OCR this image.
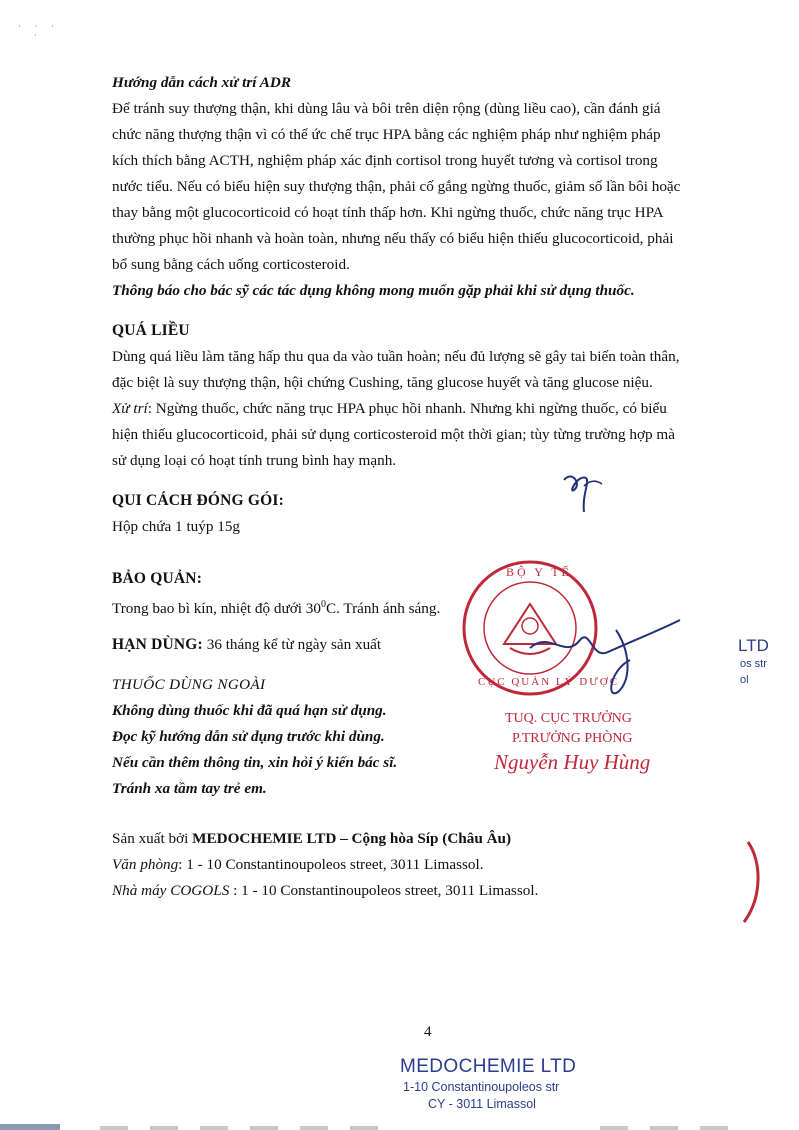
· · ·
·

Hướng dẫn cách xử trí ADR

Để tránh suy thượng thận, khi dùng lâu và bôi trên diện rộng (dùng liều cao), cần đánh giá

chức năng thượng thận vì có thể ức chế trục HPA bằng các nghiệm pháp như nghiệm pháp

kích thích bằng ACTH, nghiệm pháp xác định cortisol trong huyết tương và cortisol trong

nước tiểu. Nếu có biểu hiện suy thượng thận, phải cố gắng ngừng thuốc, giảm số lần bôi hoặc

thay bằng một glucocorticoid có hoạt tính thấp hơn. Khi ngừng thuốc, chức năng trục HPA

thường phục hồi nhanh và hoàn toàn, nhưng nếu thấy có biểu hiện thiếu glucocorticoid, phải

bổ sung bằng cách uống corticosteroid.

Thông báo cho bác sỹ các tác dụng không mong muốn gặp phải khi sử dụng thuốc.

QUÁ LIỀU

Dùng quá liều làm tăng hấp thu qua da vào tuần hoàn; nếu đủ lượng sẽ gây tai biến toàn thân,

đặc biệt là suy thượng thận, hội chứng Cushing, tăng glucose huyết và tăng glucose niệu.

Xử trí: Ngừng thuốc, chức năng trục HPA phục hồi nhanh. Nhưng khi ngừng thuốc, có biểu

hiện thiếu glucocorticoid, phải sử dụng corticosteroid một thời gian; tùy từng trường hợp mà

sử dụng loại có hoạt tính trung bình hay mạnh.

QUI CÁCH ĐÓNG GÓI:

Hộp chứa 1 tuýp 15g

BẢO QUẢN:

Trong bao bì kín, nhiệt độ dưới $30^0C$. Tránh ánh sáng.

HẠN DÙNG: 36 tháng kể từ ngày sản xuất

THUỐC DÙNG NGOÀI

Không dùng thuốc khi đã quá hạn sử dụng.

Đọc kỹ hướng dẫn sử dụng trước khi dùng.

Nếu cần thêm thông tin, xin hỏi ý kiến bác sĩ.

Tránh xa tầm tay trẻ em.

Sản xuất bởi MEDOCHEMIE LTD – Cộng hòa Síp (Châu Âu)

Văn phòng: 1 - 10 Constantinoupoleos street, 3011 Limassol.

Nhà máy COGOLS : 1 - 10 Constantinoupoleos street, 3011 Limassol.

BỘ Y TẾ
CỤC QUẢN LÝ DƯỢC
TUQ. CỤC TRƯỞNG
P.TRƯỞNG PHÒNG
Nguyễn Huy Hùng
LTD
os str
ol
4
MEDOCHEMIE LTD
1-10 Constantinoupoleos str
CY - 3011 Limassol
